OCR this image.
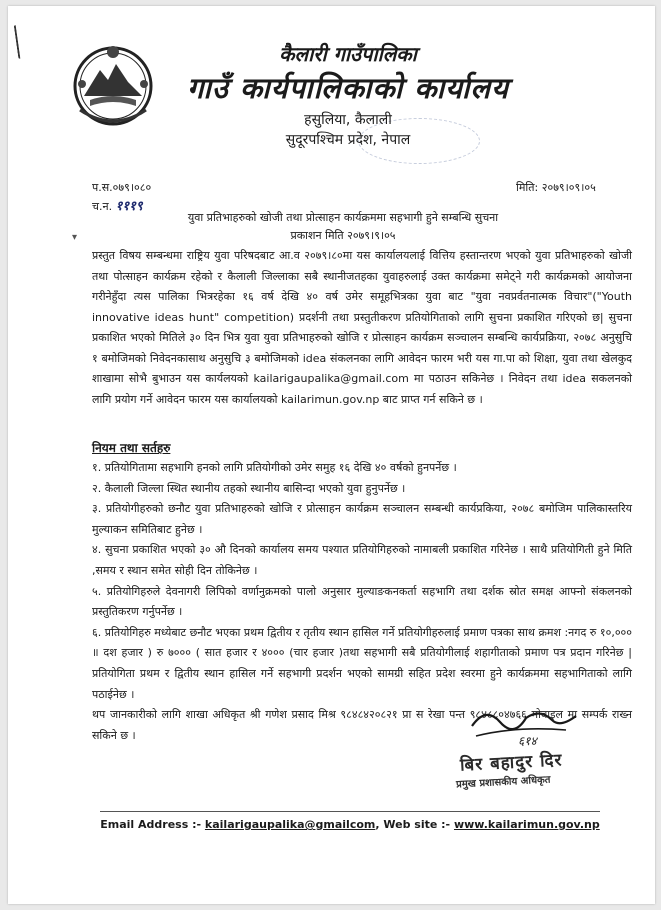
कैलारी गाउँपालिका
गाउँ कार्यपालिकाको कार्यालय
हसुलिया, कैलाली
सुदूरपश्चिम प्रदेश, नेपाल
प.स.०७९।०८०
च.न. १११९
मिति: २०७९।०९।०५
युवा प्रतिभाहरुको खोजी तथा प्रोत्साहन कार्यक्रममा सहभागी हुने सम्बन्धि सुचना
प्रकाशन मिति २०७९।९।०५
▾
प्रस्तुत विषय सम्बन्धमा राष्ट्रिय युवा परिषदबाट आ.व २०७९।८०मा यस कार्यालयलाई वित्तिय हस्तान्तरण भएको युवा प्रतिभाहरुको खोजी तथा पोत्साहन कार्यक्रम रहेको र कैलाली जिल्लाका सबै स्थानीजतहका युवाहरुलाई उक्त कार्यक्रमा समेट्ने गरी कार्यक्रमको आयोजना गरीनेहुँदा त्यस पालिका भित्ररहेका १६ वर्ष देखि ४० वर्ष उमेर समूहभित्रका युवा बाट "युवा नवप्रर्वतनात्मक विचार"("Youth innovative ideas hunt" competition) प्रदर्शनी तथा प्रस्तुतीकरण प्रतियोगिताको लागि सुचना प्रकाशित गरिएको छ| सुचना प्रकाशित भएको मितिले ३० दिन भित्र युवा युवा प्रतिभाहरुको खोजि र प्रोत्साहन कार्यक्रम सञ्चालन सम्बन्धि कार्यप्रक्रिया, २०७८ अनुसुचि १ बमोजिमको निवेदनकासाथ अनुसुचि ३ बमोजिमको idea संकलनका लागि आवेदन फारम भरी यस गा.पा को शिक्षा, युवा तथा खेलकुद शाखामा सोभै बुभाउन यस कार्यलयको kailarigaupalika@gmail.com मा पठाउन सकिनेछ । निवेदन तथा idea सकलनको लागि प्रयोग गर्ने आवेदन फारम यस कार्यालयको kailarimun.gov.np बाट प्राप्त गर्न सकिने छ ।
नियम तथा सर्तहरु
१. प्रतियोगितामा सहभागि हनको लागि प्रतियोगीको उमेर समुह १६ देखि ४० वर्षको हुनपर्नेछ ।
२. कैलाली जिल्ला स्थित स्थानीय तहको स्थानीय बासिन्दा भएको युवा हुनुपर्नेछ ।
३. प्रतियोगीहरुको छनौट युवा प्रतिभाहरुको खोजि र प्रोत्साहन कार्यक्रम सञ्चालन सम्बन्धी कार्यप्रकिया, २०७८ बमोजिम पालिकास्तरिय मुल्याकन समितिबाट हुनेछ ।
४. सुचना प्रकाशित भएको ३० औ दिनको कार्यालय समय पश्यात प्रतियोगिहरुको नामाबली प्रकाशित गरिनेछ । साथै प्रतियोगिती हुने मिति ,समय र स्थान समेत सोही दिन तोकिनेछ ।
५. प्रतियोगिहरुले देवनागरी लिपिको वर्णानुक्रमको पालो अनुसार मुल्याङकनकर्ता सहभागि तथा दर्शक स्रोत समक्ष आफ्नो संकलनको प्रस्तुतिकरण गर्नुपर्नेछ ।
६. प्रतियोगिहरु मध्येबाट छनौट भएका प्रथम द्वितीय र तृतीय स्थान हासिल गर्ने प्रतियोगीहरुलाई प्रमाण पत्रका साथ क्रमश :नगद रु १०,००० ॥ दश हजार ) रु ७००० ( सात हजार र ४००० (चार हजार )तथा सहभागी सबै प्रतियोगीलाई शहागीताको प्रमाण पत्र प्रदान गरिनेछ |प्रतियोगिता प्रथम र द्वितीय स्थान हासिल गर्ने सहभागी प्रदर्शन भएको सामग्री सहित प्रदेश स्वरमा हुने कार्यक्रममा सहभागिताको लागि पठाईनेछ ।
थप जानकारीको लागि शाखा अधिकृत श्री गणेश प्रसाद मिश्र ९८४८४२०८२१ प्रा स रेखा पन्त ९८४८८०४७६६ मोबाइल मा सम्पर्क राख्न सकिने छ ।	६१४
बिर बहादुर दिर
प्रमुख प्रशासकीय अधिकृत
Email Address :- kailarigaupalika@gmailcom, Web site :- www.kailarimun.gov.np
